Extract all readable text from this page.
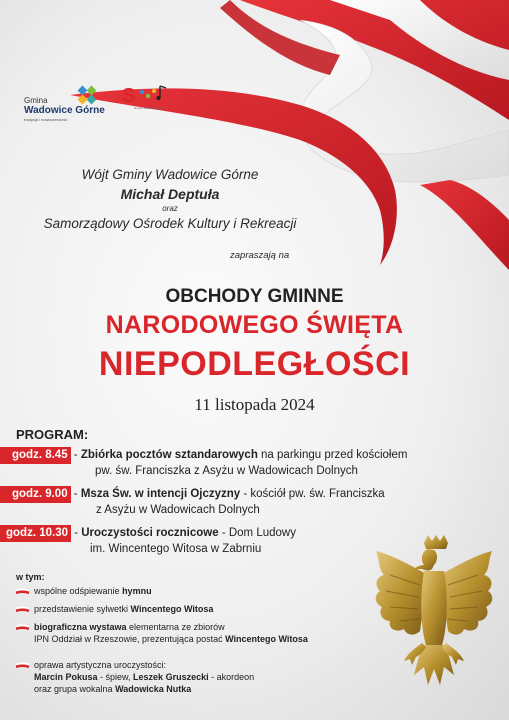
Gmina
Wadowice Górne
tradycja i nowoczesność
S
Gmina Wadowice Górne
Wójt Gminy Wadowice Górne
Michał Deptuła
oraz
Samorządowy Ośrodek Kultury i Rekreacji
zapraszają na
OBCHODY GMINNE
NARODOWEGO ŚWIĘTA
NIEPODLEGŁOŚCI
11 listopada 2024
PROGRAM:
godz. 8.45 - Zbiórka pocztów sztandarowych na parkingu przed kościołem
pw. św. Franciszka z Asyżu w Wadowicach Dolnych
godz. 9.00 - Msza Św. w intencji Ojczyzny - kościół pw. św. Franciszka
z Asyżu w Wadowicach Dolnych
godz. 10.30 - Uroczystości rocznicowe - Dom Ludowy
im. Wincentego Witosa w Zabrniu
w tym:
wspólne odśpiewanie hymnu
przedstawienie sylwetki Wincentego Witosa
biograficzna wystawa elementarna ze zbiorów
IPN Oddział w Rzeszowie, prezentująca postać Wincentego Witosa
oprawa artystyczna uroczystości:
Marcin Pokusa - śpiew, Leszek Gruszecki - akordeon
oraz grupa wokalna Wadowicka Nutka
